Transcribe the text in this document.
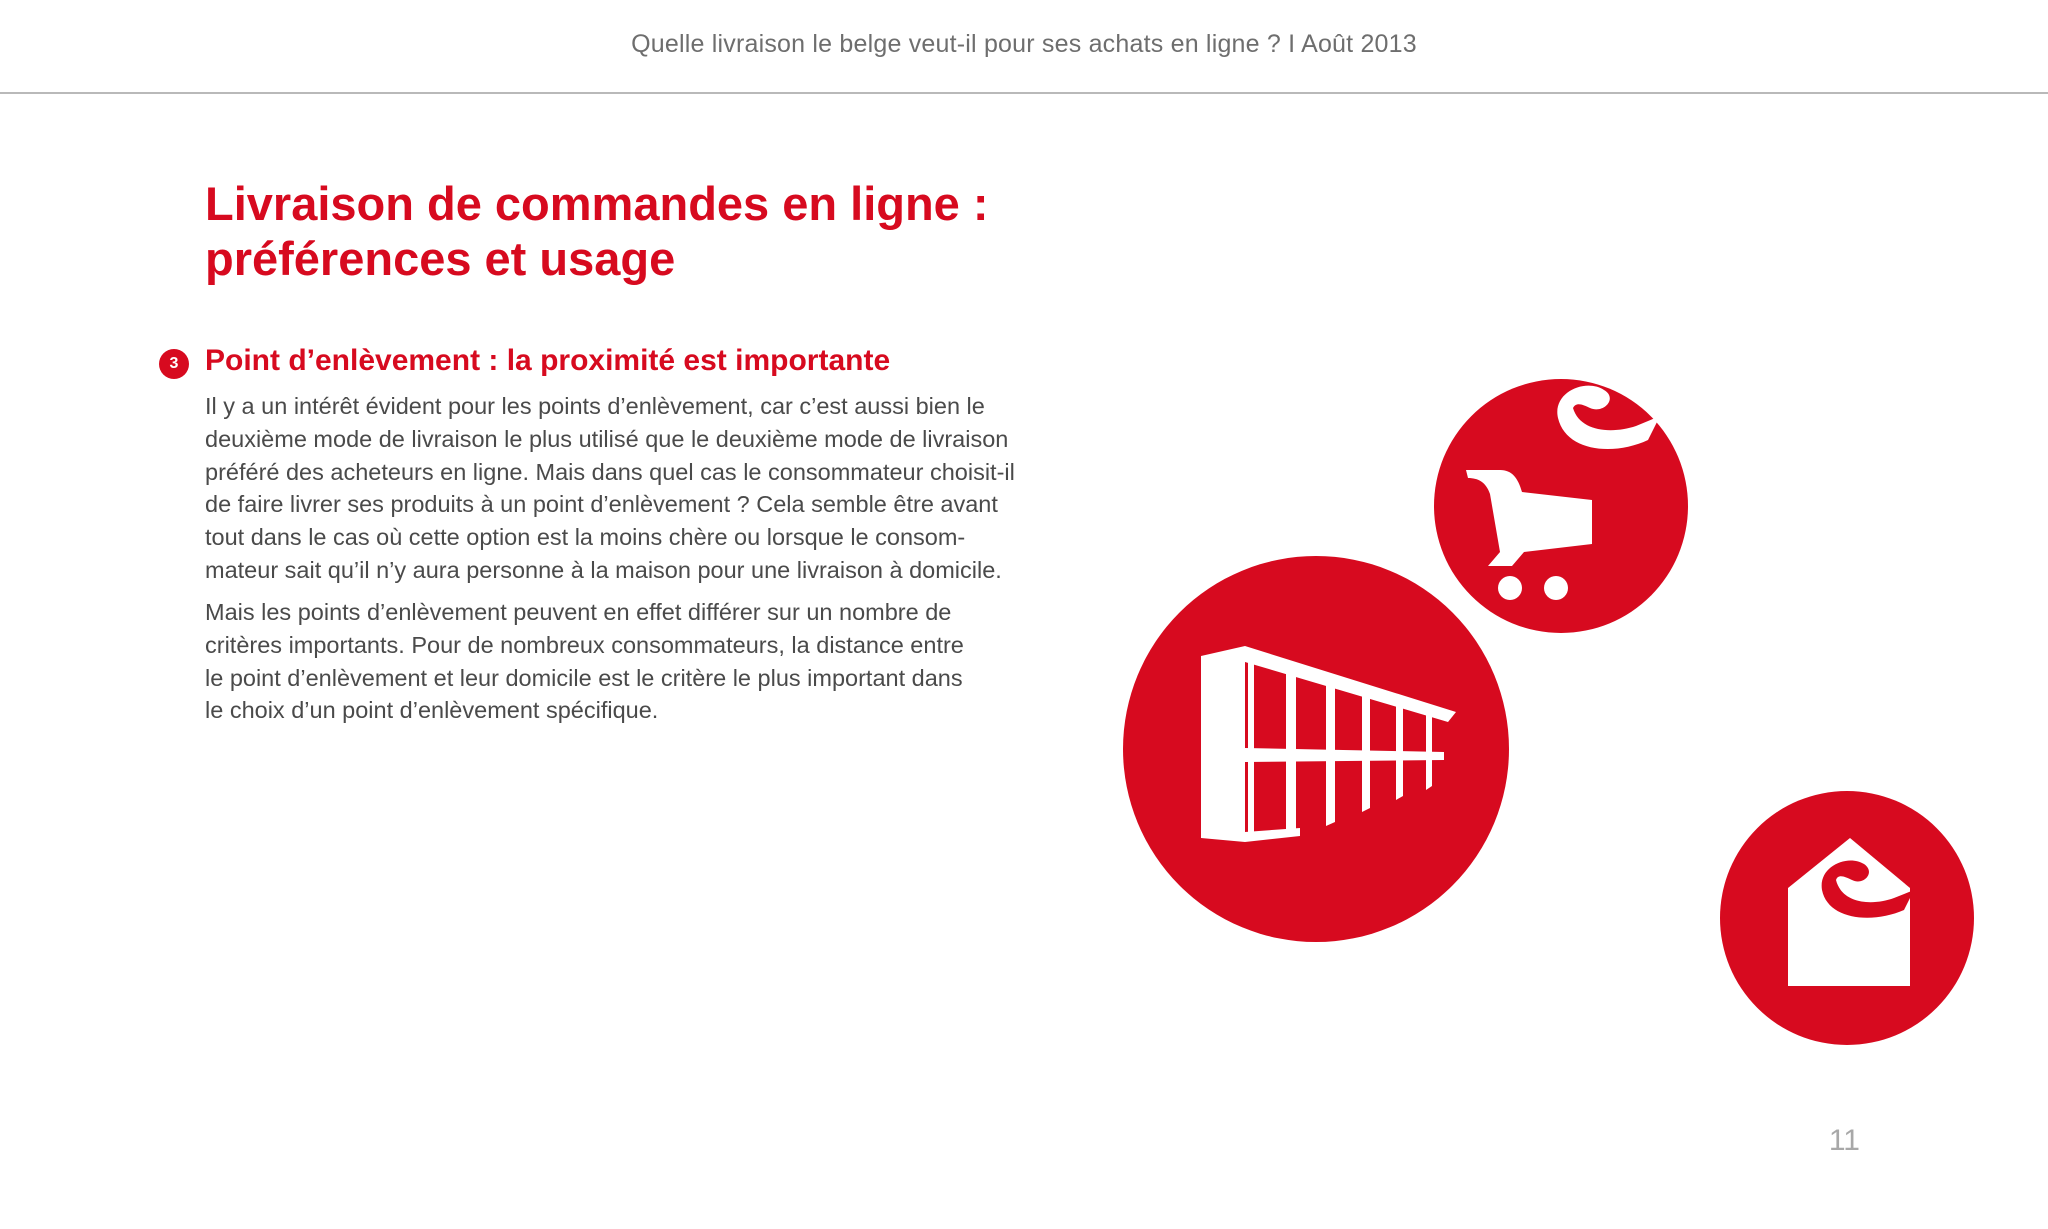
Quelle livraison le belge veut-il pour ses achats en ligne ? I Août 2013
Livraison de commandes en ligne :
préférences et usage
3 Point d’enlèvement : la proximité est importante

Il y a un intérêt évident pour les points d’enlèvement, car c’est aussi bien le
deuxième mode de livraison le plus utilisé que le deuxième mode de livraison
préféré des acheteurs en ligne. Mais dans quel cas le consommateur choisit-il
de faire livrer ses produits à un point d’enlèvement ? Cela semble être avant
tout dans le cas où cette option est la moins chère ou lorsque le consom-
mateur sait qu’il n’y aura personne à la maison pour une livraison à domicile.

Mais les points d’enlèvement peuvent en effet différer sur un nombre de
critères importants. Pour de nombreux consommateurs, la distance entre
le point d’enlèvement et leur domicile est le critère le plus important dans
le choix d’un point d’enlèvement spécifique.

11
